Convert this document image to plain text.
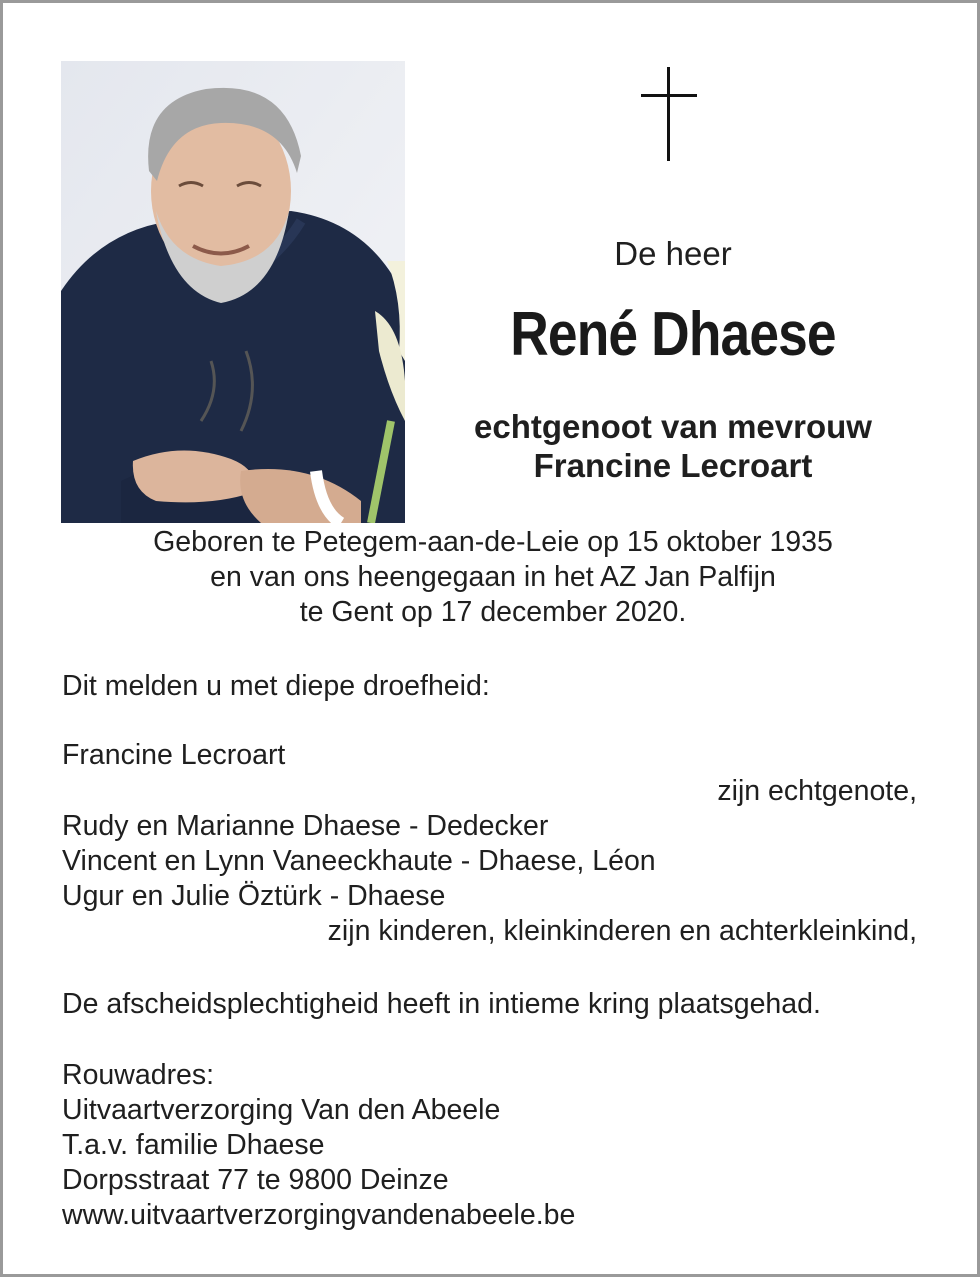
De heer
René Dhaese
echtgenoot van mevrouw
Francine Lecroart
Geboren te Petegem-aan-de-Leie op 15 oktober 1935
en van ons heengegaan in het AZ Jan Palfijn
te Gent op 17 december 2020.
Dit melden u met diepe droefheid:
Francine Lecroart
zijn echtgenote,
Rudy en Marianne Dhaese - Dedecker
Vincent en Lynn Vaneeckhaute - Dhaese, Léon
Ugur en Julie Öztürk - Dhaese
zijn kinderen, kleinkinderen en achterkleinkind,
De afscheidsplechtigheid heeft in intieme kring plaatsgehad.
Rouwadres:
Uitvaartverzorging Van den Abeele
T.a.v. familie Dhaese
Dorpsstraat 77 te 9800 Deinze
www.uitvaartverzorgingvandenabeele.be
